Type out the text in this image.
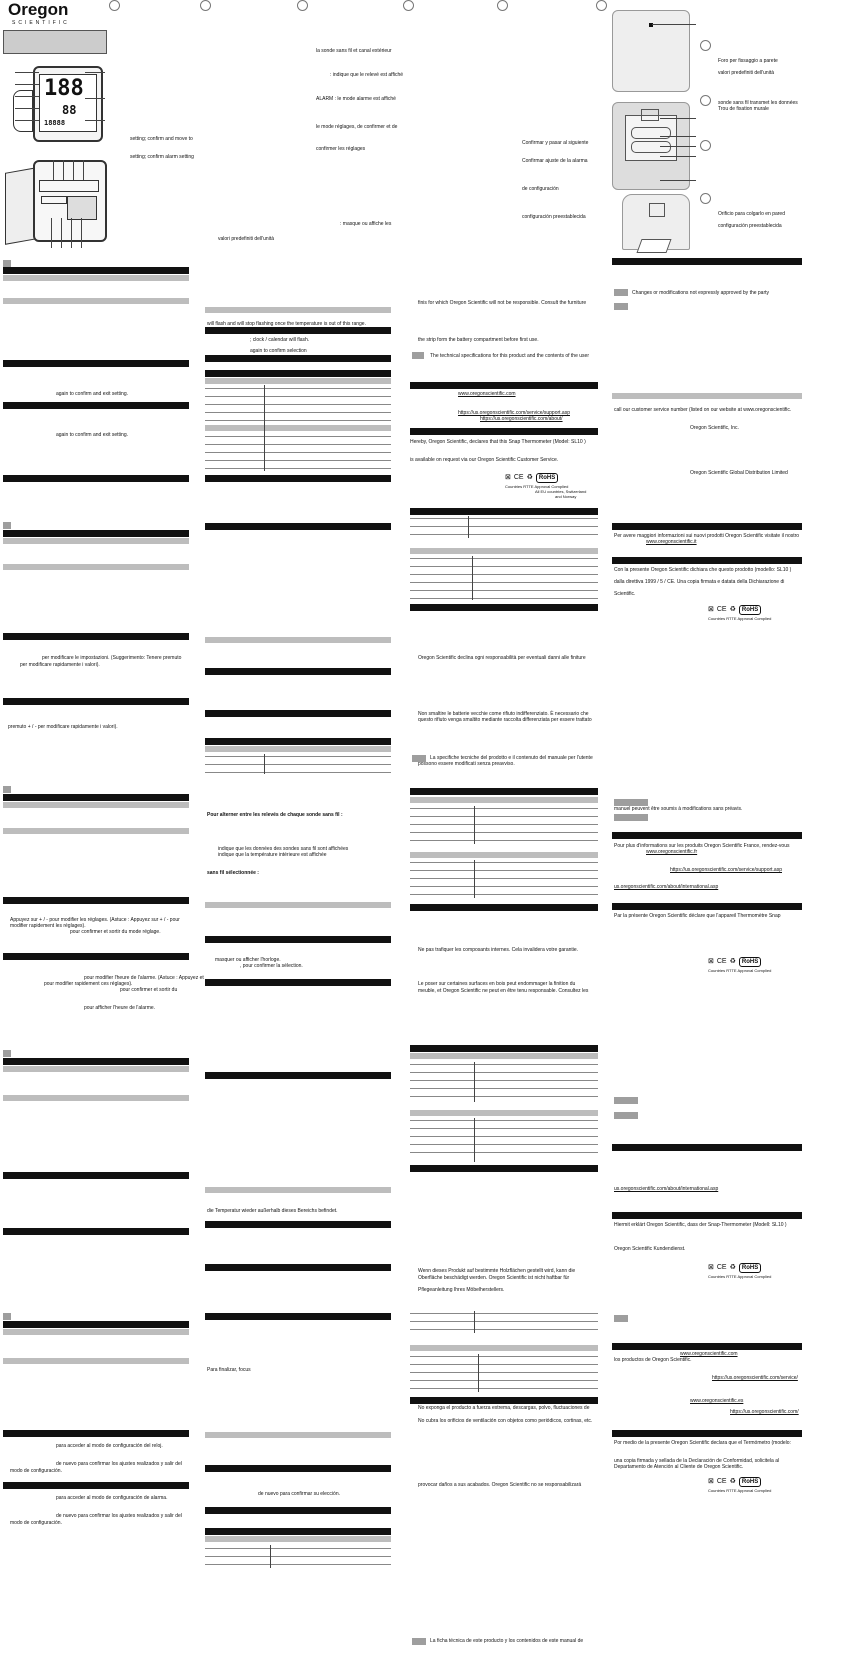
Oregon
SCIENTIFIC
188
88
18888
again to confirm and exit setting.
again to confirm and exit setting.
per modificare le impostazioni. (Suggerimento: Tenere premuto
per modificare rapidamente i valori).
premuto + / - per modificare rapidamente i valori).
Appuyez sur + / - pour modifier les réglages. (Astuce : Appuyez sur + / - pour
modifier rapidement les réglages).
pour confirmer et sortir du mode réglage.
pour modifier l'heure de l'alarme. (Astuce : Appuyez et
pour modifier rapidement ces réglages).
pour confirmer et sortir du
pour afficher l'heure de l'alarme.
para acceder al modo de configuración del reloj.
de nuevo para confirmar los ajustes realizados y salir del
modo de configuración.
para acceder al modo de configuración de alarma.
de nuevo para confirmar los ajustes realizados y salir del
modo de configuración.
setting; confirm and move to
setting; confirm alarm setting
: masque ou affiche les
valori predefiniti dell'unità
will flash and will stop flashing once the temperature is out of this range.
; clock / calendar will flash.
again to confirm selection
Pour alterner entre les relevés de chaque sonde sans fil :
indique que les données des sondes sans fil sont affichées
indique que la température intérieure est affichée
sans fil sélectionnée :
masquer ou afficher l'horloge.
, pour confirmer la sélection.
die Temperatur wieder außerhalb dieses Bereichs befindet.
Para finalizar, focus
de nuevo para confirmar su elección.
la sonde sans fil et canal extérieur
: indique que le relevé est affiché
ALARM : le mode alarme est affiché
le mode réglages, de confirmer et de
confirmer les réglages
finis for which Oregon Scientific will not be responsible. Consult the furniture
the strip form the battery compartment before first use.
The technical specifications for this product and the contents of the user
www.oregonscientific.com
https://us.oregonscientific.com/service/support.asp
https://us.oregonscientific.com/about/
Hereby, Oregon Scientific, declares that this Snap Thermometer (Model: SL10 )
is available on request via our Oregon Scientific Customer Service.
⊠ CE ♻ RoHS
Countries RTTE Approval Complied
All EU countries, Switzerland
and Norway
Oregon Scientific declina ogni responsabilità per eventuali danni alle finiture
Non smaltire le batterie vecchie come rifiuto indifferenziato. È necessario che
questo rifiuto venga smaltito mediante raccolta differenziata per essere trattato
La specifiche tecniche del prodotto e il contenuto del manuale per l'utente
possono essere modificati senza preavviso.
Ne pas trafiquer les composants internes. Cela invalidera votre garantie.
Le poser sur certaines surfaces en bois peut endommager la finition du
meuble, et Oregon Scientific ne peut en être tenu responsable. Consultez les
Wenn dieses Produkt auf bestimmte Holzflächen gestellt wird, kann die
Oberfläche beschädigt werden. Oregon Scientific ist nicht haftbar für
Pflegeanleitung Ihres Möbelherstellers.
No exponga el producto a fuerza extrema, descargas, polvo, fluctuaciones de
No cubra los orificios de ventilación con objetos como periódicos, cortinas, etc.
provocar daños a sus acabados. Oregon Scientific no se responsabilizará
La ficha técnica de este producto y los contenidos de este manual de
Confirmar y pasar al siguiente
Confirmar ajuste de la alarma
de configuración
configuración preestablecida
Foro per fissaggio a parete
valori predefiniti dell'unità
sonde sans fil transmet les données
Trou de fixation murale
Orificio para colgarlo en pared
configuración preestablecida
Changes or modifications not expressly approved by the party
call our customer service number (listed on our website at www.oregonscientific.
Oregon Scientific, Inc.
Oregon Scientific Global Distribution Limited
Per avere maggiori informazioni sui nuovi prodotti Oregon Scientific visitate il nostro
www.oregonscientific.it
Con la presente Oregon Scientific dichiara che questo prodotto (modello: SL10 )
dalla direttiva 1999 / 5 / CE. Una copia firmata e datata della Dichiarazione di
Scientific.
⊠ CE ♻ RoHS
Countries RTTE Approval Complied
manuel peuvent être soumis à modifications sans préavis.
Pour plus d'informations sur les produits Oregon Scientific France, rendez-vous
www.oregonscientific.fr
https://us.oregonscientific.com/service/support.asp
us.oregonscientific.com/about/international.asp
Par la présente Oregon Scientific déclare que l'appareil Thermomètre Snap
⊠ CE ♻ RoHS
Countries RTTE Approval Complied
us.oregonscientific.com/about/international.asp
Hiermit erklärt Oregon Scientific, dass der Snap-Thermometer (Modell: SL10 )
Oregon Scientific Kundendienst.
⊠ CE ♻ RoHS
Countries RTTE Approval Complied
www.oregonscientific.com
los productos de Oregon Scientific.
https://us.oregonscientific.com/service/
www.oregonscientific.es
https://us.oregonscientific.com/
Por medio de la presente Oregon Scientific declara que el Termómetro (modelo:
una copia firmada y sellada de la Declaración de Conformidad, solicitela al
Departamento de Atención al Cliente de Oregon Scientific.
⊠ CE ♻ RoHS
Countries RTTE Approval Complied
